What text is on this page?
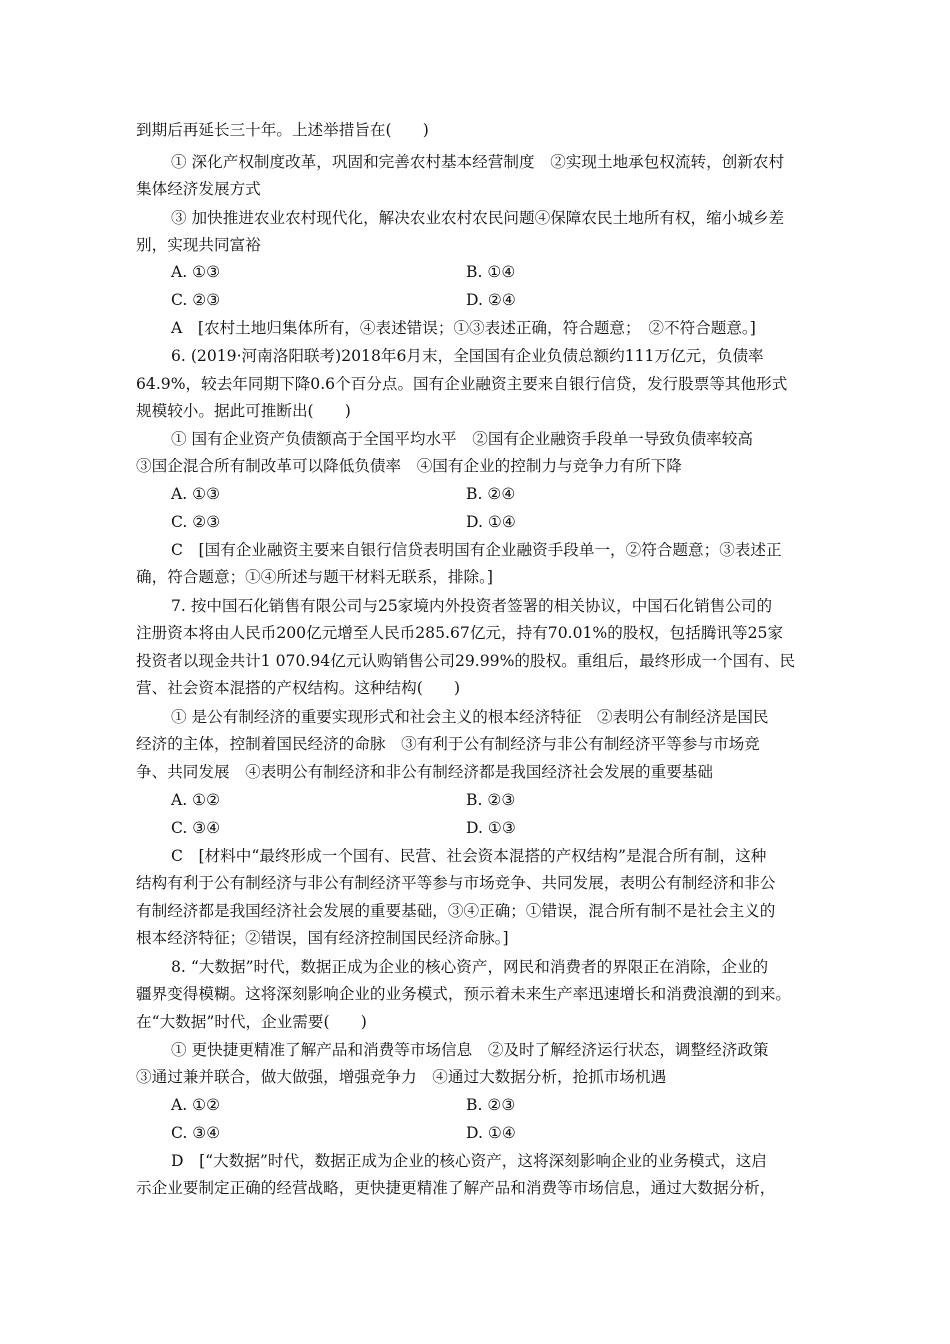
到期后再延长三十年。上述举措旨在(　　)
① 深化产权制度改革，巩固和完善农村基本经营制度　②实现土地承包权流转，创新农村
集体经济发展方式
③ 加快推进农业农村现代化，解决农业农村农民问题④保障农民土地所有权，缩小城乡差
别，实现共同富裕
A. ①③	B. ①④
C. ②③	D. ②④
A　[农村土地归集体所有，④表述错误；①③表述正确，符合题意；　②不符合题意。]
6. (2019·河南洛阳联考)2018年6月末，全国国有企业负债总额约111万亿元，负债率
64.9%，较去年同期下降0.6个百分点。国有企业融资主要来自银行信贷，发行股票等其他形式
规模较小。据此可推断出(　　)
① 国有企业资产负债额高于全国平均水平　②国有企业融资手段单一导致负债率较高
③国企混合所有制改革可以降低负债率　④国有企业的控制力与竞争力有所下降
A. ①③	B. ②④
C. ②③	D. ①④
C　[国有企业融资主要来自银行信贷表明国有企业融资手段单一，②符合题意；③表述正
确，符合题意；①④所述与题干材料无联系，排除。]
7. 按中国石化销售有限公司与25家境内外投资者签署的相关协议，中国石化销售公司的
注册资本将由人民币200亿元增至人民币285.67亿元，持有70.01%的股权，包括腾讯等25家
投资者以现金共计1 070.94亿元认购销售公司29.99%的股权。重组后，最终形成一个国有、民
营、社会资本混搭的产权结构。这种结构(　　)
① 是公有制经济的重要实现形式和社会主义的根本经济特征　②表明公有制经济是国民
经济的主体，控制着国民经济的命脉　③有利于公有制经济与非公有制经济平等参与市场竞
争、共同发展　④表明公有制经济和非公有制经济都是我国经济社会发展的重要基础
A. ①②	B. ②③
C. ③④	D. ①③
C　[材料中“最终形成一个国有、民营、社会资本混搭的产权结构”是混合所有制，这种
结构有利于公有制经济与非公有制经济平等参与市场竞争、共同发展，表明公有制经济和非公
有制经济都是我国经济社会发展的重要基础，③④正确；①错误，混合所有制不是社会主义的
根本经济特征；②错误，国有经济控制国民经济命脉。]
8. “大数据”时代，数据正成为企业的核心资产，网民和消费者的界限正在消除，企业的
疆界变得模糊。这将深刻影响企业的业务模式，预示着未来生产率迅速增长和消费浪潮的到来。
在“大数据”时代，企业需要(　　)
① 更快捷更精准了解产品和消费等市场信息　②及时了解经济运行状态，调整经济政策
③通过兼并联合，做大做强，增强竞争力　④通过大数据分析，抢抓市场机遇
A. ①②	B. ②③
C. ③④	D. ①④
D　[“大数据”时代，数据正成为企业的核心资产，这将深刻影响企业的业务模式，这启
示企业要制定正确的经营战略，更快捷更精准了解产品和消费等市场信息，通过大数据分析，
